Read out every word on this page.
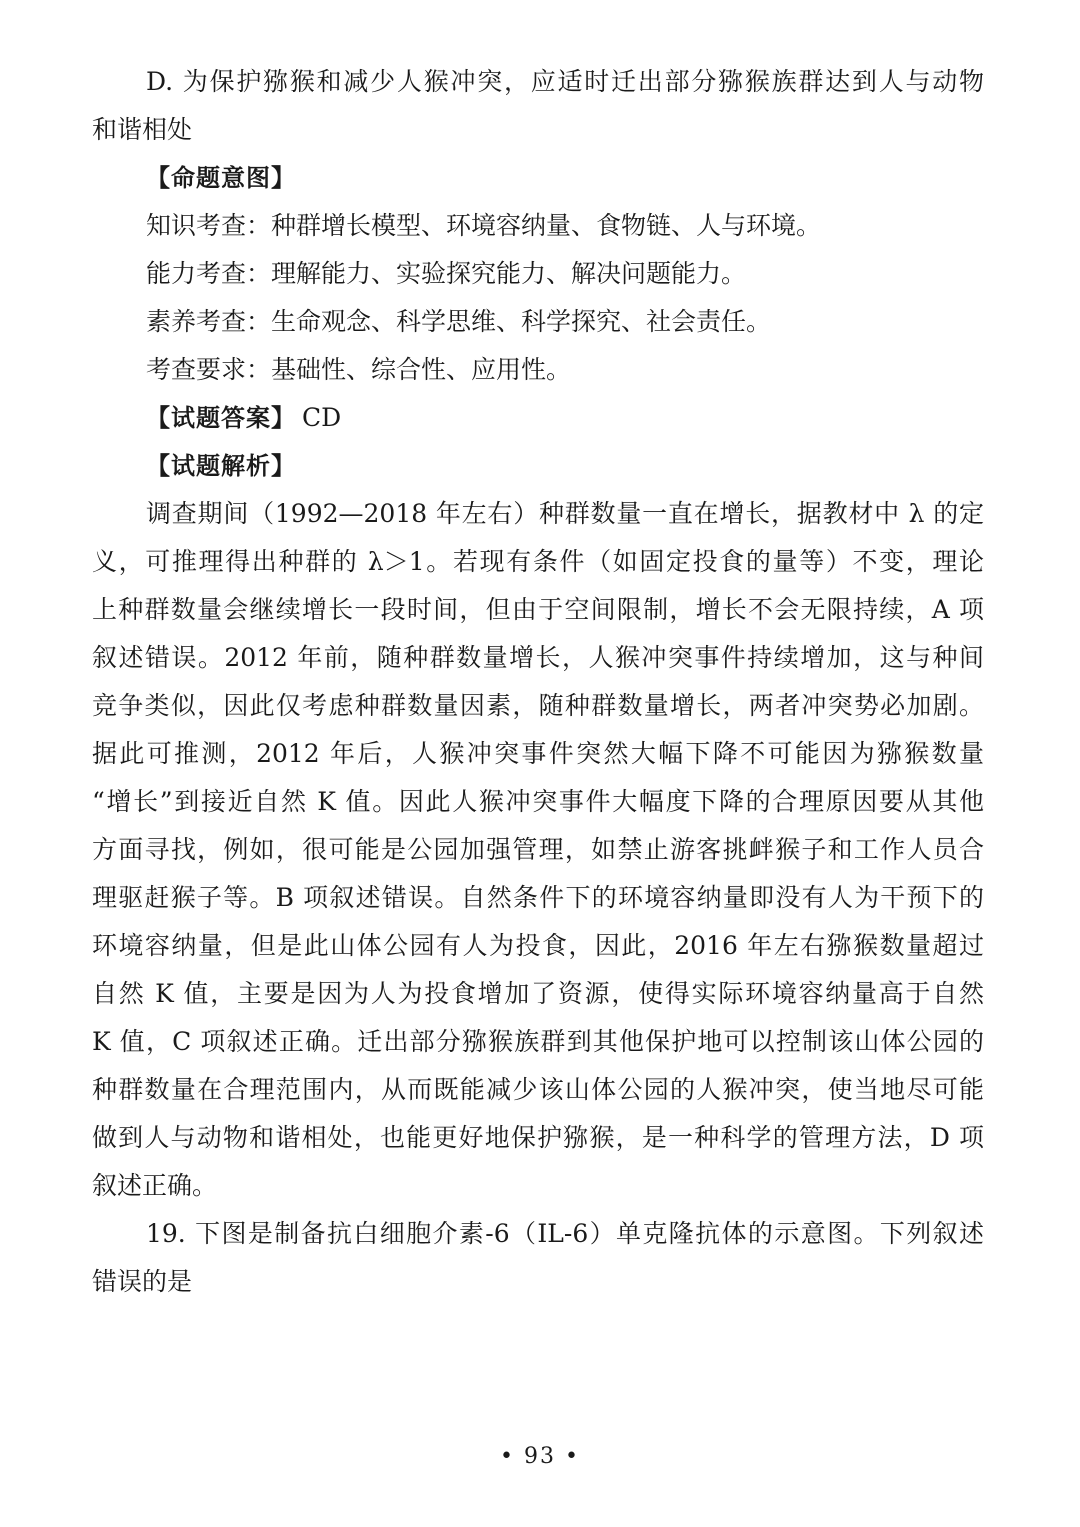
D. 为保护猕猴和减少人猴冲突，应适时迁出部分猕猴族群达到人与动物
和谐相处
【命题意图】
知识考查：种群增长模型、环境容纳量、食物链、人与环境。
能力考查：理解能力、实验探究能力、解决问题能力。
素养考查：生命观念、科学思维、科学探究、社会责任。
考查要求：基础性、综合性、应用性。
【试题答案】 CD
【试题解析】
调查期间（1992—2018 年左右）种群数量一直在增长，据教材中 λ 的定
义，可推理得出种群的 λ＞1。若现有条件（如固定投食的量等）不变，理论
上种群数量会继续增长一段时间，但由于空间限制，增长不会无限持续，A 项
叙述错误。2012 年前，随种群数量增长，人猴冲突事件持续增加，这与种间
竞争类似，因此仅考虑种群数量因素，随种群数量增长，两者冲突势必加剧。
据此可推测，2012 年后，人猴冲突事件突然大幅下降不可能因为猕猴数量
“增长”到接近自然 K 值。因此人猴冲突事件大幅度下降的合理原因要从其他
方面寻找，例如，很可能是公园加强管理，如禁止游客挑衅猴子和工作人员合
理驱赶猴子等。B 项叙述错误。自然条件下的环境容纳量即没有人为干预下的
环境容纳量，但是此山体公园有人为投食，因此，2016 年左右猕猴数量超过
自然 K 值，主要是因为人为投食增加了资源，使得实际环境容纳量高于自然
K 值，C 项叙述正确。迁出部分猕猴族群到其他保护地可以控制该山体公园的
种群数量在合理范围内，从而既能减少该山体公园的人猴冲突，使当地尽可能
做到人与动物和谐相处，也能更好地保护猕猴，是一种科学的管理方法，D 项
叙述正确。
19. 下图是制备抗白细胞介素-6（IL-6）单克隆抗体的示意图。下列叙述
错误的是
• 93 •
